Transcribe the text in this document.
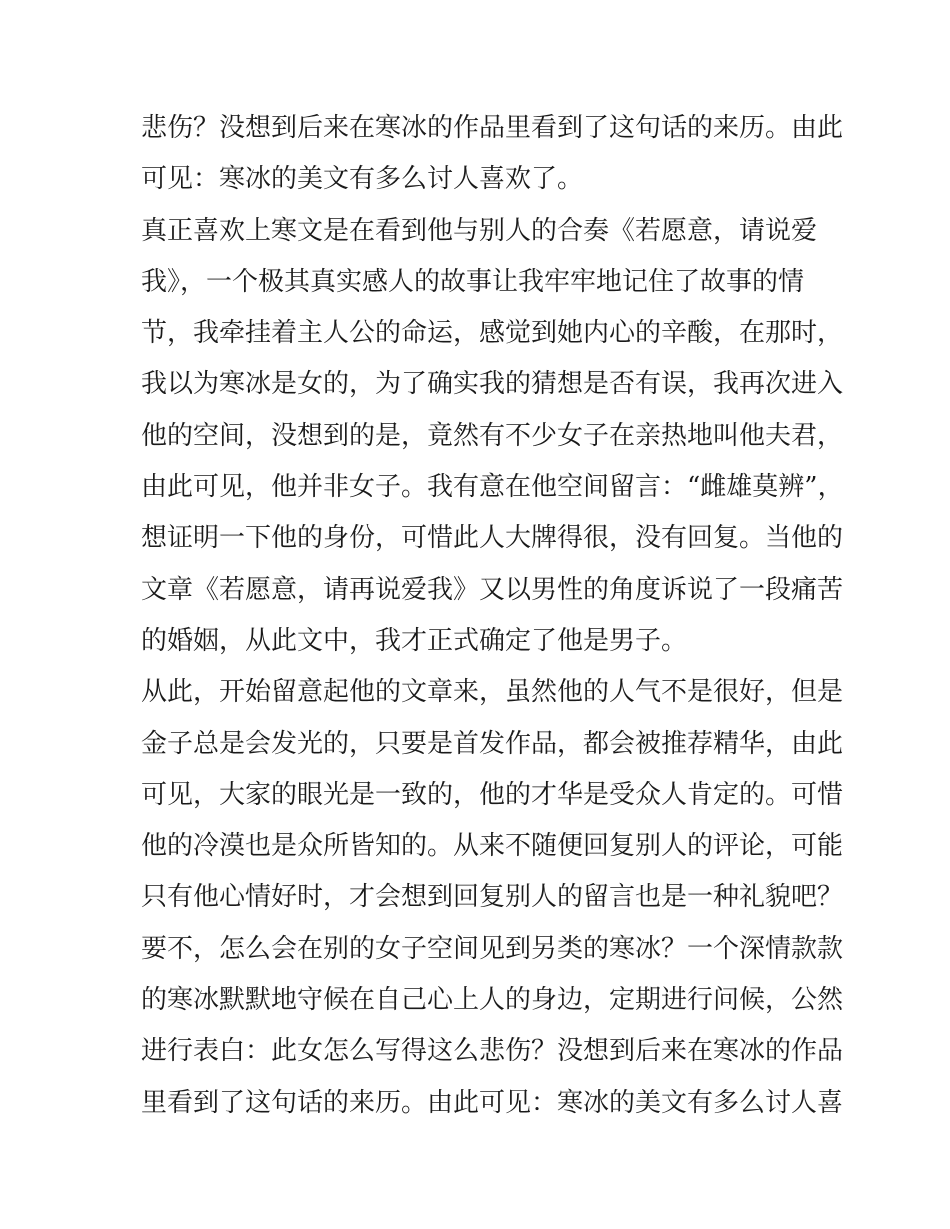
悲伤？没想到后来在寒冰的作品里看到了这句话的来历。由此
可见：寒冰的美文有多么讨人喜欢了。
真正喜欢上寒文是在看到他与别人的合奏《若愿意，请说爱
我》，一个极其真实感人的故事让我牢牢地记住了故事的情
节，我牵挂着主人公的命运，感觉到她内心的辛酸，在那时，
我以为寒冰是女的，为了确实我的猜想是否有误，我再次进入
他的空间，没想到的是，竟然有不少女子在亲热地叫他夫君，
由此可见，他并非女子。我有意在他空间留言：“雌雄莫辨”，
想证明一下他的身份，可惜此人大牌得很，没有回复。当他的
文章《若愿意，请再说爱我》又以男性的角度诉说了一段痛苦
的婚姻，从此文中，我才正式确定了他是男子。
从此，开始留意起他的文章来，虽然他的人气不是很好，但是
金子总是会发光的，只要是首发作品，都会被推荐精华，由此
可见，大家的眼光是一致的，他的才华是受众人肯定的。可惜
他的冷漠也是众所皆知的。从来不随便回复别人的评论，可能
只有他心情好时，才会想到回复别人的留言也是一种礼貌吧？
要不，怎么会在别的女子空间见到另类的寒冰？一个深情款款
的寒冰默默地守候在自己心上人的身边，定期进行问候，公然
进行表白：此女怎么写得这么悲伤？没想到后来在寒冰的作品
里看到了这句话的来历。由此可见：寒冰的美文有多么讨人喜
